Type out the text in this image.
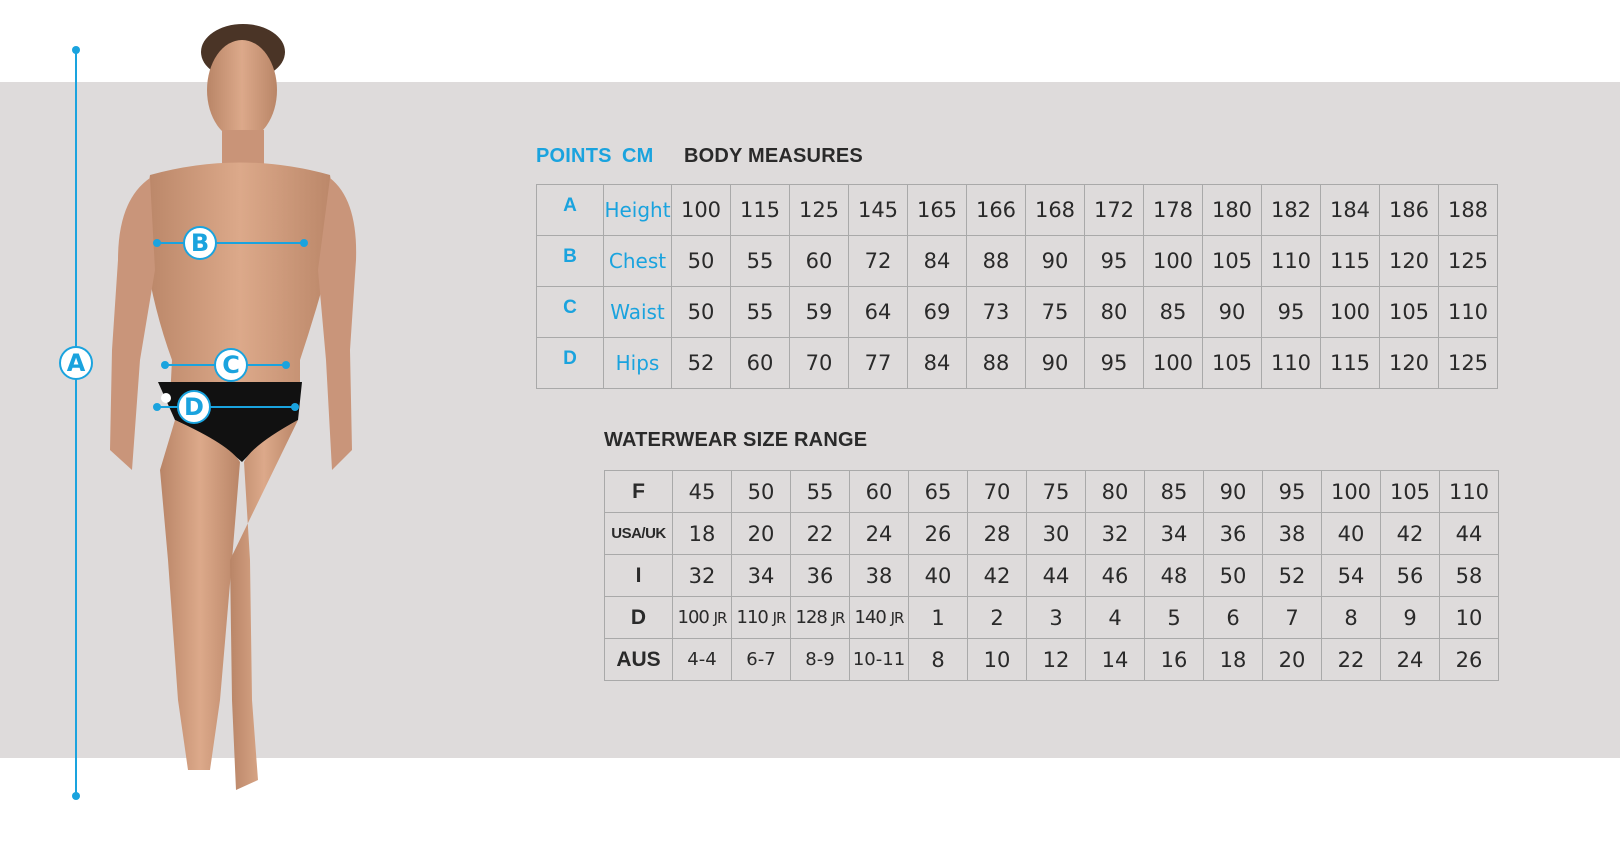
A
B
C
D
POINTS CM BODY MEASURES
WATERWEAR SIZE RANGE
A	Height	100	115	125	145	165	166	168	172	178	180	182	184	186	188
B	Chest	50	55	60	72	84	88	90	95	100	105	110	115	120	125
C	Waist	50	55	59	64	69	73	75	80	85	90	95	100	105	110
D	Hips	52	60	70	77	84	88	90	95	100	105	110	115	120	125
F	45	50	55	60	65	70	75	80	85	90	95	100	105	110
USA/UK	18	20	22	24	26	28	30	32	34	36	38	40	42	44
I	32	34	36	38	40	42	44	46	48	50	52	54	56	58
D	100 JR	110 JR	128 JR	140 JR	1	2	3	4	5	6	7	8	9	10
AUS	4-4	6-7	8-9	10-11	8	10	12	14	16	18	20	22	24	26
